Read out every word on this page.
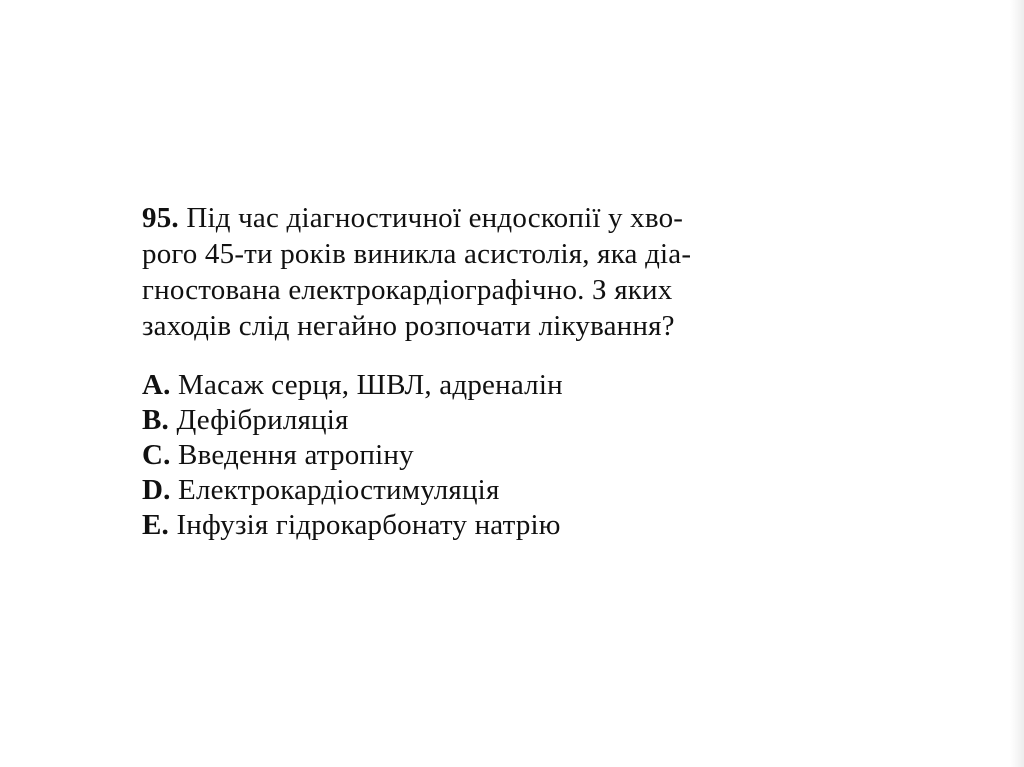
95. Під час діагностичної ендоскопії у хво-
рого 45-ти років виникла асистолія, яка діа-
гностована електрокардіографічно. З яких
заходів слід негайно розпочати лікування?
A. Масаж серця, ШВЛ, адреналін
B. Дефібриляція
C. Введення атропіну
D. Електрокардіостимуляція
E. Інфузія гідрокарбонату натрію
